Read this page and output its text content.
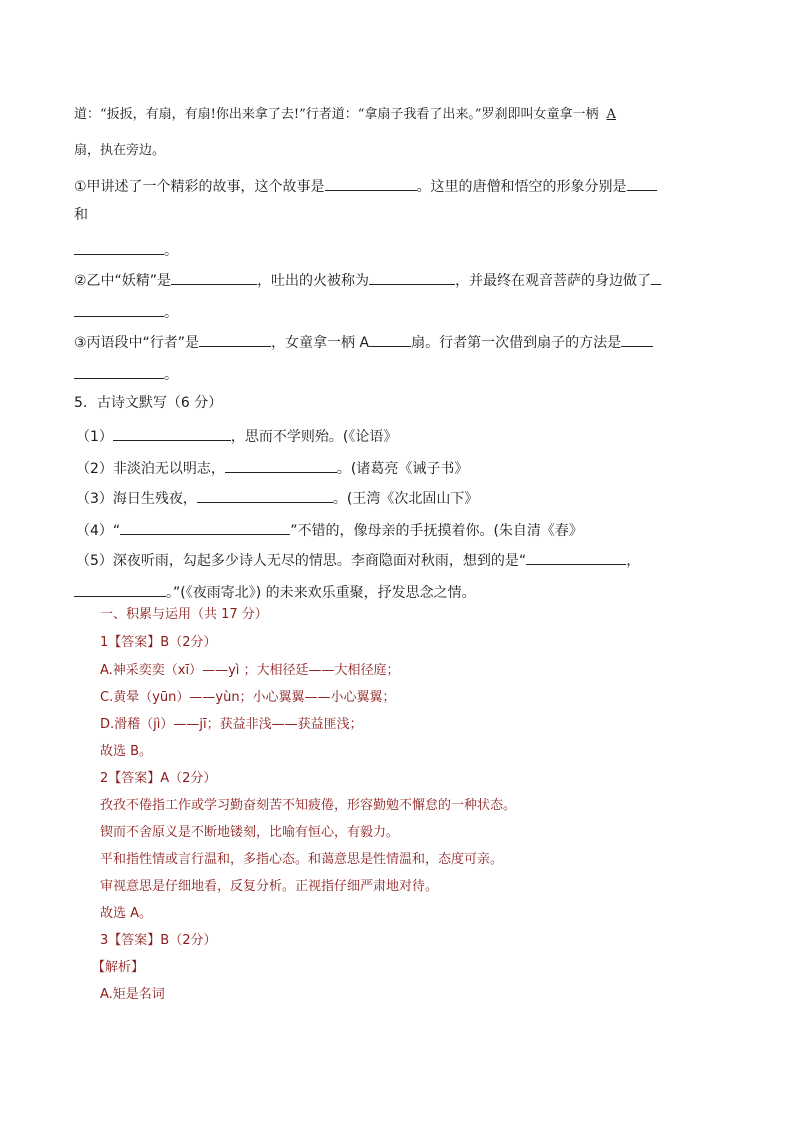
道：“扳扳，有扇，有扇!你出来拿了去!”行者道：“拿扇子我看了出来。”罗刹即叫女童拿一柄 A
扇，执在旁边。
①甲讲述了一个精彩的故事，这个故事是	。这里的唐僧和悟空的形象分别是
和
。
②乙中“妖精”是	，吐出的火被称为	，并最终在观音菩萨的身边做了
。
③丙语段中“行者”是	，女童拿一柄 A	扇。行者第一次借到扇子的方法是
。
5．古诗文默写（6 分）
（1）	，思而不学则殆。(《论语》
（2）非淡泊无以明志，	。(诸葛亮《诫子书》
（3）海日生残夜，	。(王湾《次北固山下》
（4）“	”不错的，像母亲的手抚摸着你。(朱自清《春》
（5）深夜听雨，勾起多少诗人无尽的情思。李商隐面对秋雨，想到的是“	，
。”(《夜雨寄北》) 的未来欢乐重聚，抒发思念之情。
一、积累与运用（共 17 分）
1【答案】B（2分）
A.神采奕奕（xī）——yì ；大相径廷——大相径庭；
C.黄晕（yūn）——yùn；小心翼翼——小心翼翼；
D.滑稽（jì）——jī；获益非浅——获益匪浅；
故选 B。
2【答案】A（2分）
孜孜不倦指工作或学习勤奋刻苦不知疲倦，形容勤勉不懈怠的一种状态。
锲而不舍原义是不断地镂刻，比喻有恒心，有毅力。
平和指性情或言行温和，多指心态。和蔼意思是性情温和，态度可亲。
审视意思是仔细地看，反复分析。正视指仔细严肃地对待。
故选 A。
3【答案】B（2分）
【解析】
A.矩是名词
